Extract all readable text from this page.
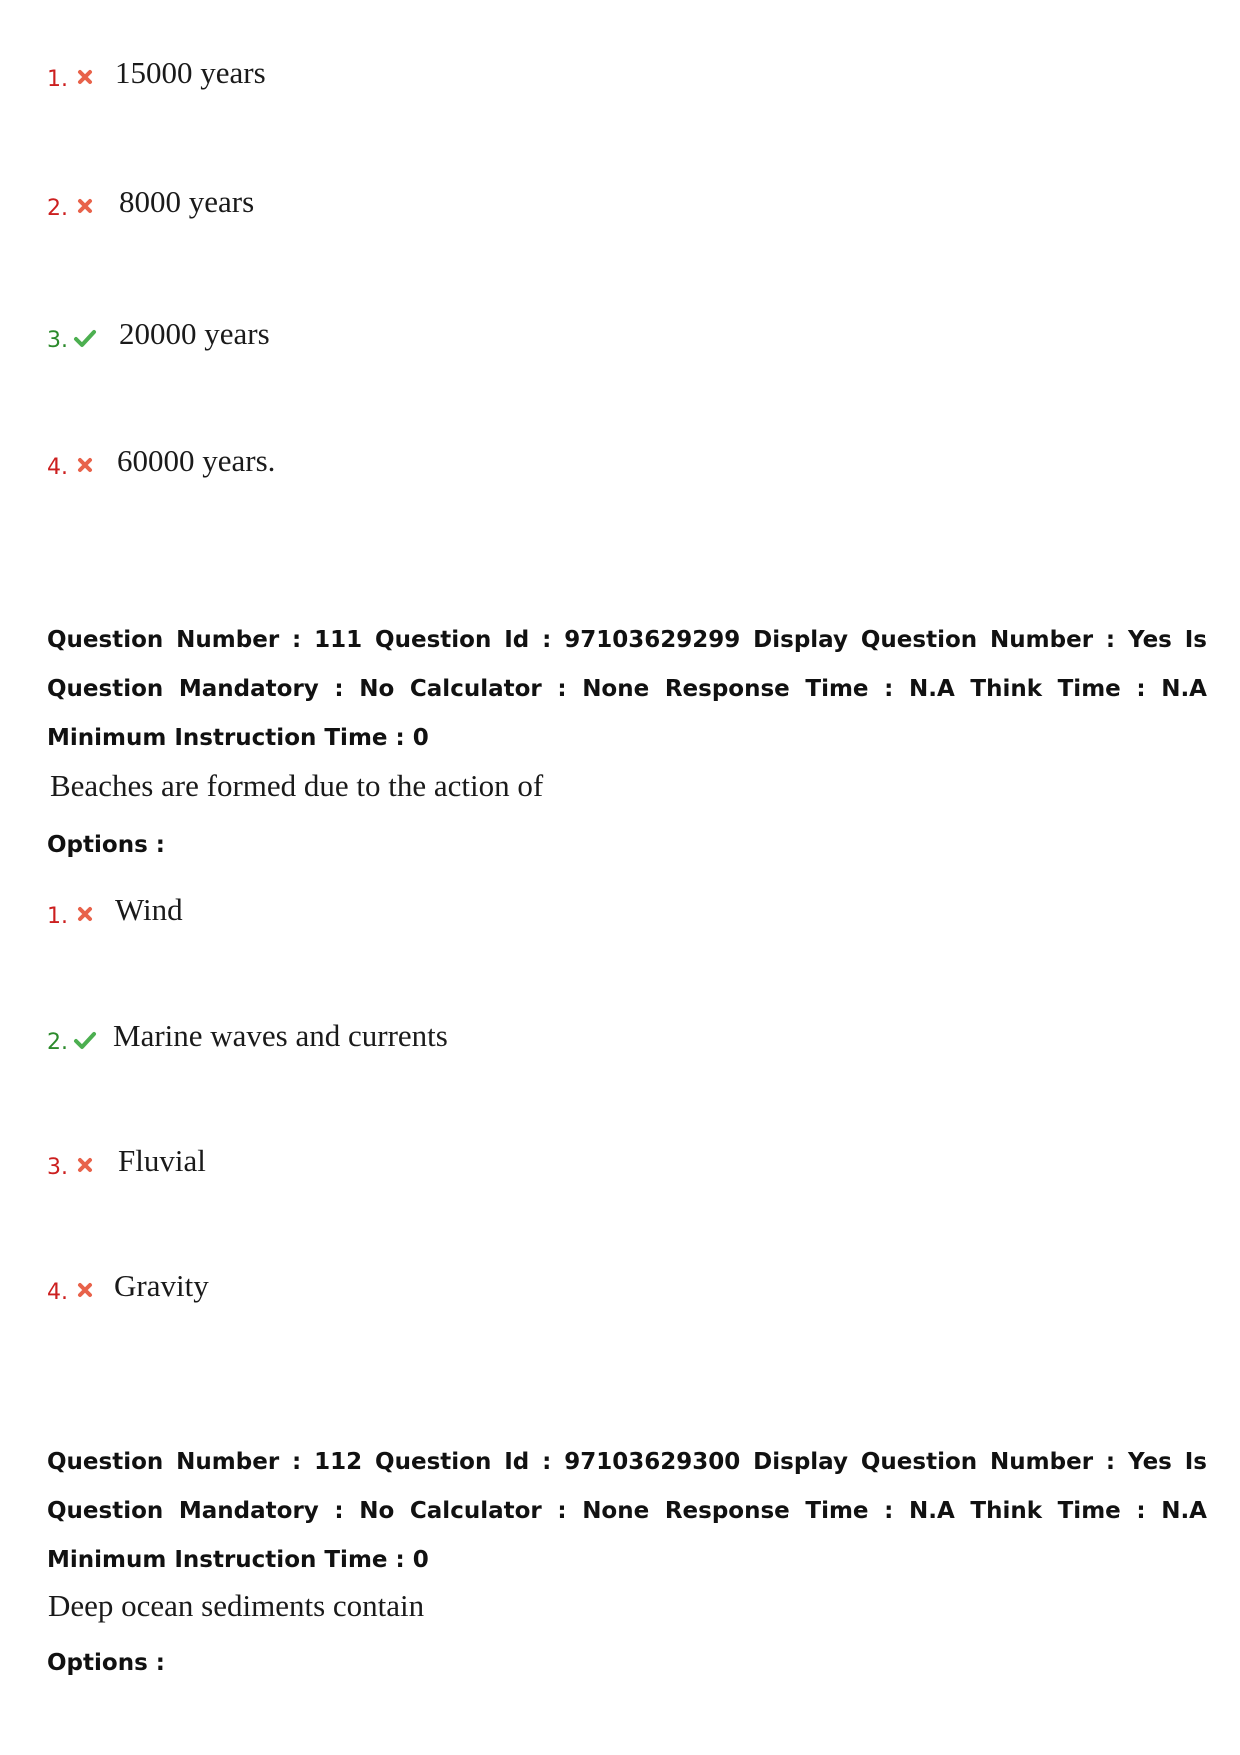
1. 15000 years
2. 8000 years
3. 20000 years
4. 60000 years.
Question Number : 111 Question Id : 97103629299 Display Question Number : Yes Is Question Mandatory : No Calculator : None Response Time : N.A Think Time : N.A Minimum Instruction Time : 0
Beaches are formed due to the action of
Options :
1. Wind
2. Marine waves and currents
3. Fluvial
4. Gravity
Question Number : 112 Question Id : 97103629300 Display Question Number : Yes Is Question Mandatory : No Calculator : None Response Time : N.A Think Time : N.A Minimum Instruction Time : 0
Deep ocean sediments contain
Options :
